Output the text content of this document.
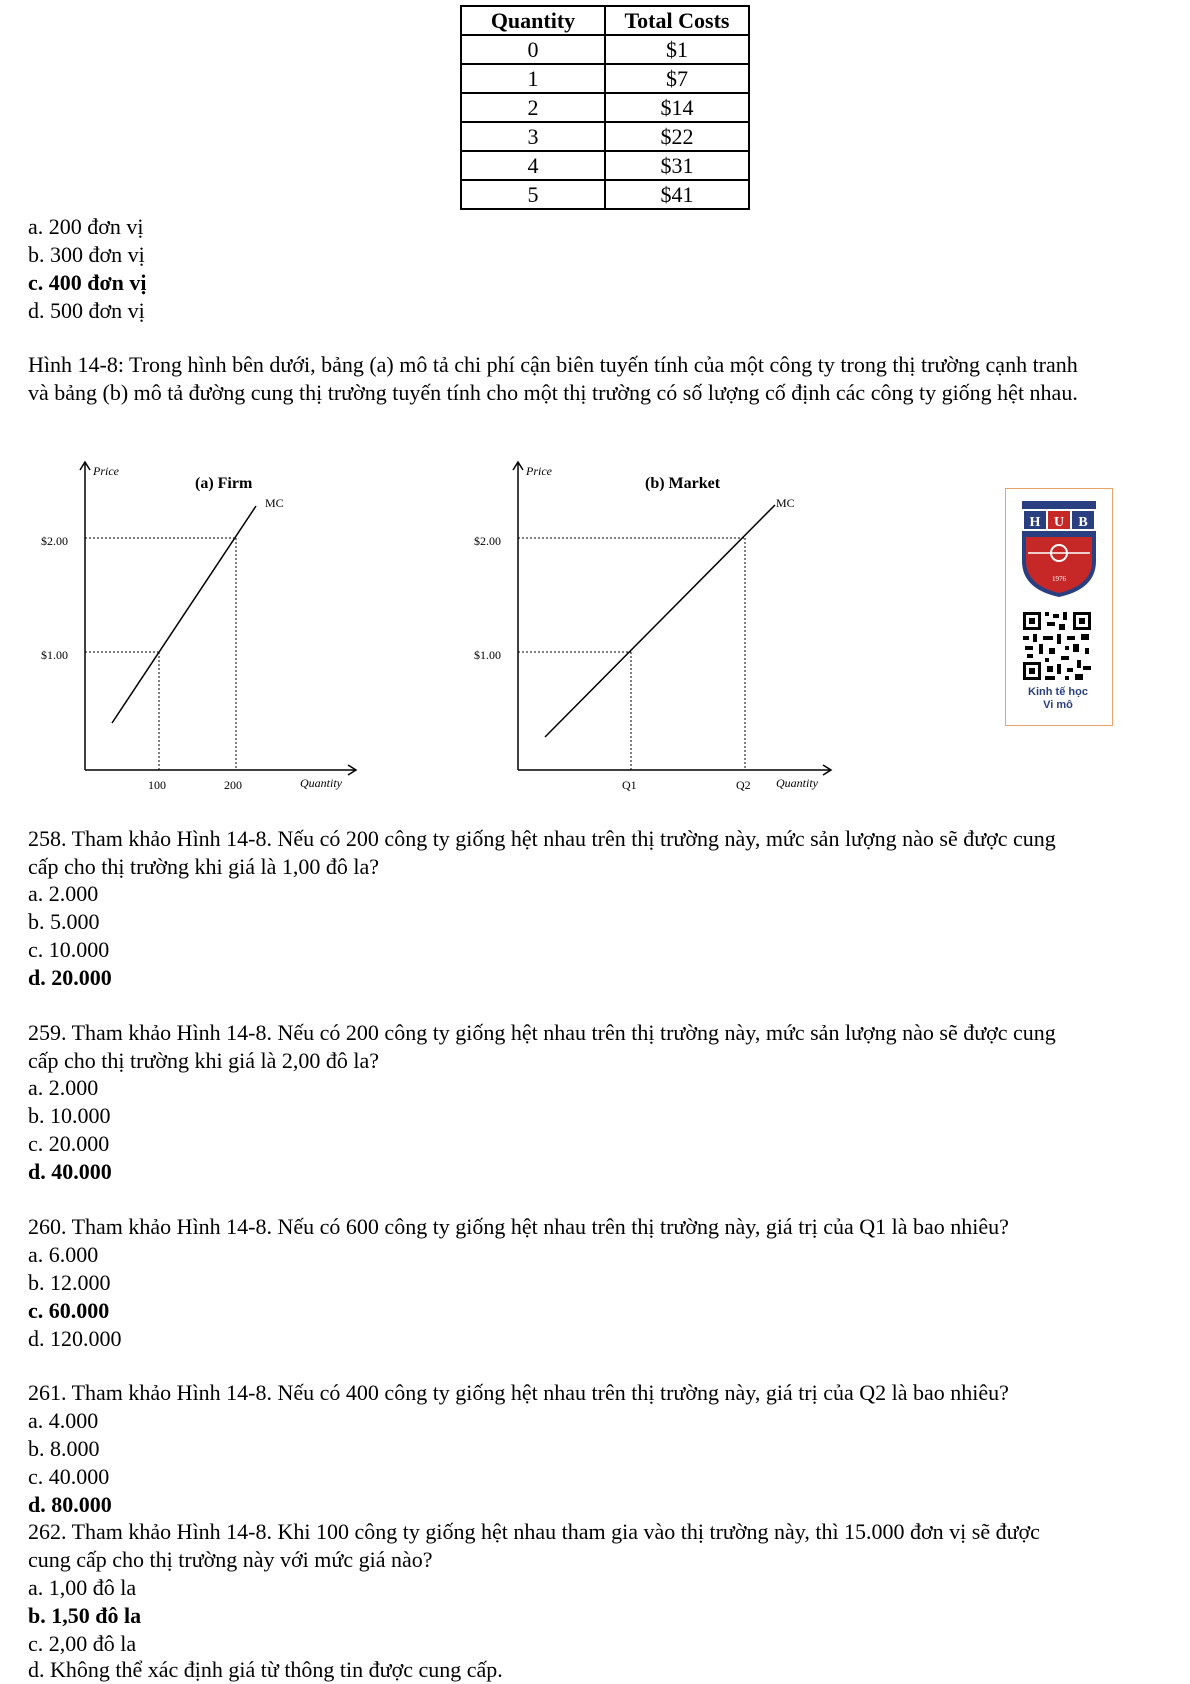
Quantity	Total Costs
0	$1
1	$7
2	$14
3	$22
4	$31
5	$41
a. 200 đơn vị
b. 300 đơn vị
c. 400 đơn vị
d. 500 đơn vị
Hình 14-8: Trong hình bên dưới, bảng (a) mô tả chi phí cận biên tuyến tính của một công ty trong thị trường cạnh tranh
và bảng (b) mô tả đường cung thị trường tuyến tính cho một thị trường có số lượng cố định các công ty giống hệt nhau.
Price
(a) Firm
MC
$2.00
$1.00
100	200	Quantity
Price
(b) Market
MC
$2.00
$1.00
Q1	Q2 Quantity
H U B
1976
Kinh tế học
Vi mô
258. Tham khảo Hình 14-8. Nếu có 200 công ty giống hệt nhau trên thị trường này, mức sản lượng nào sẽ được cung
cấp cho thị trường khi giá là 1,00 đô la?
a. 2.000
b. 5.000
c. 10.000
d. 20.000
259. Tham khảo Hình 14-8. Nếu có 200 công ty giống hệt nhau trên thị trường này, mức sản lượng nào sẽ được cung
cấp cho thị trường khi giá là 2,00 đô la?
a. 2.000
b. 10.000
c. 20.000
d. 40.000
260. Tham khảo Hình 14-8. Nếu có 600 công ty giống hệt nhau trên thị trường này, giá trị của Q1 là bao nhiêu?
a. 6.000
b. 12.000
c. 60.000
d. 120.000
261. Tham khảo Hình 14-8. Nếu có 400 công ty giống hệt nhau trên thị trường này, giá trị của Q2 là bao nhiêu?
a. 4.000
b. 8.000
c. 40.000
d. 80.000
262. Tham khảo Hình 14-8. Khi 100 công ty giống hệt nhau tham gia vào thị trường này, thì 15.000 đơn vị sẽ được
cung cấp cho thị trường này với mức giá nào?
a. 1,00 đô la
b. 1,50 đô la
c. 2,00 đô la
d. Không thể xác định giá từ thông tin được cung cấp.
